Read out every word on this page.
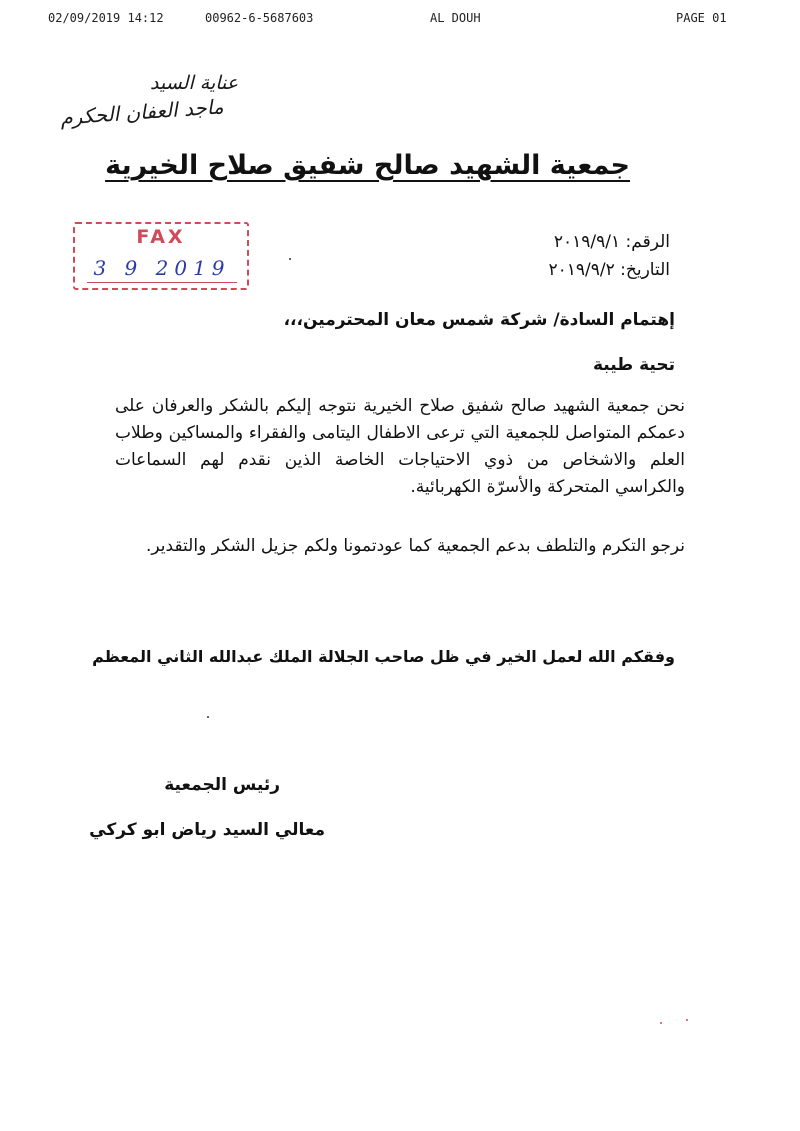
02/09/2019 14:12	00962-6-5687603	AL DOUH	PAGE 01
عناية السيد
ماجد العفان الحكرم
جمعية الشهيد صالح شفيق صلاح الخيرية
FAX
3 9 2019
الرقم: ٢٠١٩/٩/١
التاريخ: ٢٠١٩/٩/٢
إهتمام السادة/ شركة شمس معان المحترمين،،،
تحية طيبة
نحن جمعية الشهيد صالح شفيق صلاح الخيرية نتوجه إليكم بالشكر والعرفان على دعمكم المتواصل للجمعية التي ترعى الاطفال اليتامى والفقراء والمساكين وطلاب العلم والاشخاص من ذوي الاحتياجات الخاصة الذين نقدم لهم السماعات والكراسي المتحركة والأسرّة الكهربائية.
نرجو التكرم والتلطف بدعم الجمعية كما عودتمونا ولكم جزيل الشكر والتقدير.
وفقكم الله لعمل الخير في ظل صاحب الجلالة الملك عبدالله الثاني المعظم
رئيس الجمعية
معالي السيد رياض ابو كركي
